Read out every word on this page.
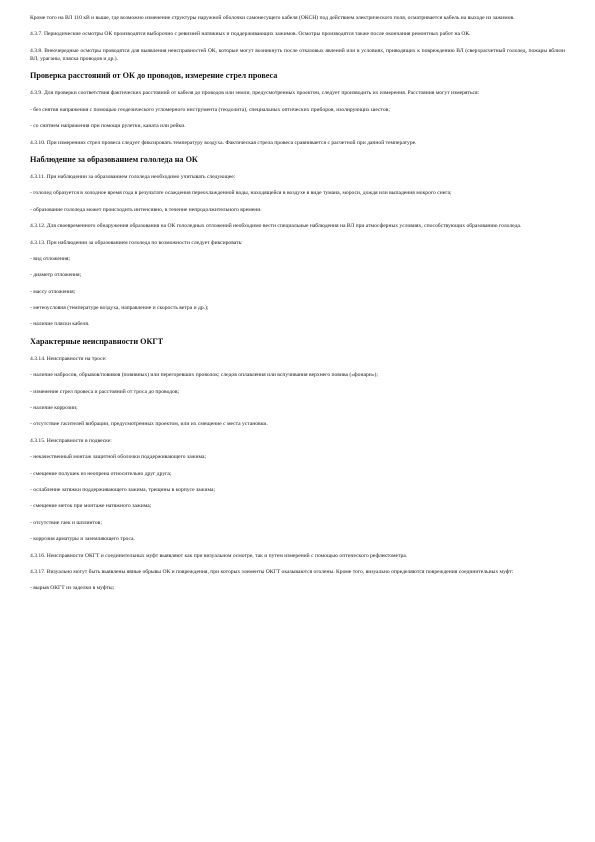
Кроме того на ВЛ 110 кВ и выше, где возможно изменение структуры наружной оболочки самонесущего кабеля (ОКСН) под действием электрического поля, осматривается кабель на выходе из зажимов.
4.3.7. Периодические осмотры ОК производятся выборочно с ревизией натяжных и поддерживающих зажимов. Осмотры производятся также после окончания ремонтных работ на ОК.
4.3.8. Внеочередные осмотры проводятся для выявления неисправностей ОК, которые могут возникнуть после отказовых явлений или в условиях, приводящих к повреждению ВЛ (сверхрасчетный гололед, пожары вблизи ВЛ, ураганы, пляска проводов и др.).
Проверка расстояний от ОК до проводов, измерение стрел провеса
4.3.9. Для проверки соответствия фактических расстояний от кабеля до проводов или земли, предусмотренных проектом, следует производить их измерения. Расстояния могут измеряться:
- без снятия напряжения с помощью геодезического угломерного инструмента (теодолита), специальных оптических приборов, изолирующих шестов;
- со снятием напряжения при помощи рулетки, каната или рейки.
4.3.10. При измерениях стрел провеса следует фиксировать температуру воздуха. Фактическая стрела провеса сравнивается с расчетной при данной температуре.
Наблюдение за образованием гололеда на ОК
4.3.11. При наблюдении за образованием гололеда необходимо учитывать следующее:
- гололед образуется в холодное время года в результате осаждения переохлажденной воды, находящейся в воздухе в виде тумана, мороси, дождя или выпадения мокрого снега;
- образование гололеда может происходить интенсивно, в течение непродолжительного времени.
4.3.12. Для своевременного обнаружения образования на ОК гололедных отложений необходимо вести специальные наблюдения на ВЛ при атмосферных условиях, способствующих образованию гололеда.
4.3.13. При наблюдении за образованием гололеда по возможности следует фиксировать:
- вид отложения;
- диаметр отложения;
- массу отложения;
- метеоусловия (температуре воздуха, направление и скорость ветра и др.);
- наличие пляски кабеля.
Характерные неисправности ОКГТ
4.3.14. Неисправности на тросе:
- наличие набросов, обрывов/повивов (повивных) или перегоревших проволок; следов оплавления или вспучивания верхнего повива («фонари»);
- изменение стрел провеса и расстояний от троса до проводов;
- наличие коррозии;
- отсутствие гасителей вибрации, предусмотренных проектом, или их смещение с места установки.
4.3.15. Неисправности в подвеске:
- некачественный монтаж защитной оболочки поддерживающего зажима;
- смещение полушек из неопрена относительно друг друга;
- ослабление затяжки поддерживающего зажима, трещины в корпусе зажима;
- смещение меток при монтаже натяжного зажима;
- отсутствие гаек и шплинтов;
- коррозия арматуры и заземляющего троса.
4.3.16. Неисправности ОКГТ и соединительных муфт выявляют как при визуальном осмотре, так и путем измерений с помощью оптического рефлектометра.
4.3.17. Визуально могут быть выявлены явные обрывы ОК и повреждения, при которых элементы ОКГТ оказываются оголены. Кроме того, визуально определяются повреждения соединительных муфт:
- вырыв ОКГТ из заделки в муфты;
